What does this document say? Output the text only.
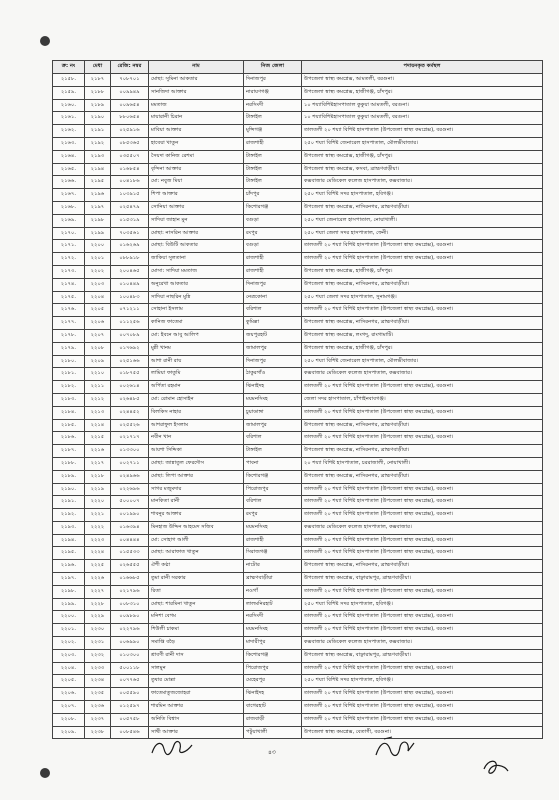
ক্র: নং	মেধা	রেজি: নম্বর	নাম	নিজ জেলা	পদায়নকৃত কর্মস্থল
২১৫৮.	২১৮৭	৭০৮৭০১	মোছা: সুমিনা আকতার	দিনাজপুর	উপজেলা স্বাস্থ্য কমপ্লেক্স, আমতলী, বরগুনা।
২১৫৯.	২১৮৮	০০৯৯৪৯	সানজিদা আক্তার	নারায়ণগঞ্জ	উপজেলা স্বাস্থ্য কমপ্লেক্স, হাজীগঞ্জ, চাঁদপুর।
২১৬০.	২১৮৯	০০৯৬৫৪	মমতাজ	নরসিংদী	১০ শয্যাবিশিষ্টহাসপাতাল কুকুয়া আমতলী, বরগুনা।
২১৬১.	২১৯০	৮৮০৬৫৪	মায়ারানী চিরান	টাঙ্গাইল	১০ শয্যাবিশিষ্টহাসপাতাল কুকুয়া আমতলী, বরগুনা।
২১৬২.	২১৯১	০২৫৯১৬	মাবিয়া আক্তার	মুন্সিগঞ্জ	তালতলী ২০ শয্যা বিশিষ্ট হাসপাতাল (উপজেলা স্বাস্থ্য কমপ্লেক্স), বরগুনা।
২১৬৩.	২১৯২	০৮৫৩৬৫	হাবেয়া খাতুন	রাজশাহী	২৫০ শয্যা বিশিষ্ট জেনারেল হাসপাতাল, মৌলভীবাজার।
২১৬৪.	২১৯৩	০৩৫৫০৭	সৈয়দা কানিজ রেশমা	টাঙ্গাইল	উপজেলা স্বাস্থ্য কমপ্লেক্স, হাজীগঞ্জ, চাঁদপুর।
২১৬৫.	২১৯৪	০১৬৮৫৪	বৃন্দিনা আক্তার	টাঙ্গাইল	উপজেলা স্বাস্থ্য কমপ্লেক্স, কসবা, ব্রাহ্মণবাড়ীয়া।
২১৬৬.	২১৯৫	০০৪১৮৬	মো: নবুজ মিয়া	টাঙ্গাইল	কক্সবাজার মেডিকেল কলেজ হাসপাতাল, কক্সবাজার।
২১৬৭.	২১৯৬	১০৩৯১৫	শিপা আক্তার	চাঁদপুর	২৫০ শয্যা বিশিষ্ট সদর হাসপাতাল, হবিগঞ্জ।
২১৬৮.	২১৯৭	০২৫৪৭৯	সোনিয়া আক্তার	কিশোরগঞ্জ	উপজেলা স্বাস্থ্য কমপ্লেক্স, নাসিরনগর, ব্রাহ্মণবাড়ীয়া।
২১৬৯.	২১৯৮	০১৫৩১৯	সাদিয়া জাহান মুন	বগুড়া	২৫০ শয্যা জেনারেল হাসপাতাল, নোয়াখালী।
২১৭০.	২১৯৯	৭০৩৫৬১	মোছা: নাসরিন আক্তার	রংপুর	২৫০ শয্যা জেলা সদর হাসপাতাল, ফেনী।
২১৭১.	২২০০	০১৬২৬৯	মোছা: বিউটি আকতার	বগুড়া	তালতলী ২০ শয্যা বিশিষ্ট হাসপাতাল (উপজেলা স্বাস্থ্য কমপ্লেক্স), বরগুনা।
২১৭২.	২২০১	০৮৮৯১৮	জাকিয়া সুলতানা	রাজশাহী	তালতলী ২০ শয্যা বিশিষ্ট হাসপাতাল (উপজেলা স্বাস্থ্য কমপ্লেক্স), বরগুনা।
২১৭৩.	২২০২	২০০৪৬৫	মোসা: সাদিয়া মমতাজ	রাজশাহী	উপজেলা স্বাস্থ্য কমপ্লেক্স, হাজীগঞ্জ, চাঁদপুর।
২১৭৪.	২২০৩	০১০৪৪৯	অনুরেখা আকতার	দিনাজপুর	উপজেলা স্বাস্থ্য কমপ্লেক্স, নাসিরনগর, ব্রাহ্মণবাড়ীয়া।
২১৭৫.	২২০৪	১০০৪৮৩	সাদিয়া নাছরিন মুন্নি	নেত্রকোনা	২৫০ শয্যা জেলা সদর হাসপাতাল, সুনামগঞ্জ।
২১৭৬.	২২০৫	০৭১২১১	সোহানা ইসলাম	বরিশাল	তালতলী ২০ শয্যা বিশিষ্ট হাসপাতাল (উপজেলা স্বাস্থ্য কমপ্লেক্স), বরগুনা।
২১৭৭.	২২০৬	০১১২৫৬	কানিজ ফাতেমা	কুমিল্লা	উপজেলা স্বাস্থ্য কমপ্লেক্স, নাসিরনগর, ব্রাহ্মণবাড়ীয়া।
২১৭৮.	২২০৭	০০৭০৮৯	মো: ইবনে আবু আলিপ	জয়পুরহাট	উপজেলা স্বাস্থ্য কমপ্লেক্স, লংগদু, রাংগামাটি।
২১৭৯.	২২০৮	০১৭৬৯২	মুন্নী খানম	জামালপুর	উপজেলা স্বাস্থ্য কমপ্লেক্স, হাজীগঞ্জ, চাঁদপুর।
২১৮০.	২২০৯	০২৫১৬৬	আশা রানী রায়	দিনাজপুর	২৫০ শয্যা বিশিষ্ট জেনারেল হাসপাতাল, মৌলভীবাজার।
২১৮১.	২২১০	০১৮৭৫৫	লামিয়া ফাতুমি	ঠাকুরগাঁও	কক্সবাজার মেডিকেল কলেজ হাসপাতাল, কক্সবাজার।
২১৮২.	২২১১	০০২৬১৪	অর্পিতা রহমান	ঝিনাইদহ	তালতলী ২০ শয্যা বিশিষ্ট হাসপাতাল (উপজেলা স্বাস্থ্য কমপ্লেক্স), বরগুনা।
২১৮৩.	২২১২	০২৬৪৮৫	মো: রোমান হোসাইন	ময়মনসিংহ	জেলা সদর হাসপাতাল, চাঁপাইনবাবগঞ্জ।
২১৮৪.	২২১৩	০২৪৪৫২	বিলকিস নাহার	চুয়াডাঙ্গা	তালতলী ২০ শয্যা বিশিষ্ট হাসপাতাল (উপজেলা স্বাস্থ্য কমপ্লেক্স), বরগুনা।
২১৮৫.	২২১৪	০২৫৫২৬	আশরাফুল ইসলাম	জামালপুর	উপজেলা স্বাস্থ্য কমপ্লেক্স, নাসিরনগর, ব্রাহ্মণবাড়ীয়া।
২১৮৬.	২২১৫	০২১৭১৭	নবীন খান	বরিশাল	তালতলী ২০ শয্যা বিশিষ্ট হাসপাতাল (উপজেলা স্বাস্থ্য কমপ্লেক্স), বরগুনা।
২১৮৭.	২২১৬	০১৩৩০০	আয়শা সিদ্দিকা	টাঙ্গাইল	উপজেলা স্বাস্থ্য কমপ্লেক্স, নাসিরনগর, ব্রাহ্মণবাড়ীয়া।
২১৮৮.	২২১৭	০০২৭১১	মোছা: জান্নাতুল ফেরদৌস	পাবনা	২০ শয্যা বিশিষ্ট হাসপাতাল, চররাজালী, নোয়াখালী।
২১৮৯.	২২১৮	০২৪৯৬৬	মোছা: লিপা আক্তার	কিশোরগঞ্জ	উপজেলা স্বাস্থ্য কমপ্লেক্স, নাসিরনগর, ব্রাহ্মণবাড়ীয়া।
২১৯০.	২২১৯	০২২৬৯৬	সাগর মজুমদার	পিরোজপুর	তালতলী ২০ শয্যা বিশিষ্ট হাসপাতাল (উপজেলা স্বাস্থ্য কমপ্লেক্স), বরগুনা।
২১৯১.	২২২০	৫০০০০৭	মানকিতা রানী	বরিশাল	তালতলী ২০ শয্যা বিশিষ্ট হাসপাতাল (উপজেলা স্বাস্থ্য কমপ্লেক্স), বরগুনা।
২১৯২.	২২২১	০০১৯৯০	শাবনুর আক্তার	রংপুর	তালতলী ২০ শয্যা বিশিষ্ট হাসপাতাল (উপজেলা স্বাস্থ্য কমপ্লেক্স), বরগুনা।
২১৯৩.	২২২২	০১৬৩৯৪	মিনহাজ উদ্দিন আহমেদ সজিব	ময়মনসিংহ	কক্সবাজার মেডিকেল কলেজ হাসপাতাল, কক্সবাজার।
২১৯৪.	২২২৩	০০৪৪৪৪	মো: সোহাগ আলী	রাজশাহী	তালতলী ২০ শয্যা বিশিষ্ট হাসপাতাল (উপজেলা স্বাস্থ্য কমপ্লেক্স), বরগুনা।
২১৯৫.	২২২৪	০১৫৫৩৩	মোছা: আরাফাত খাতুন	সিরাজগঞ্জ	তালতলী ২০ শয্যা বিশিষ্ট হাসপাতাল (উপজেলা স্বাস্থ্য কমপ্লেক্স), বরগুনা।
২১৯৬.	২২২৫	০২৬৫৫৫	ঐশী কণ্ঠা	নাটোর	উপজেলা স্বাস্থ্য কমপ্লেক্স, নাসিরনগর, ব্রাহ্মণবাড়ীয়া।
২১৯৭.	২২২৬	০১৬৬৮৫	তুমা রানী সরকার	ব্রাহ্মণবাড়ীয়া	উপজেলা স্বাস্থ্য কমপ্লেক্স, বাঞ্ছারামপুর, ব্রাহ্মণবাড়ীয়া।
২১৯৮.	২২২৭	০২১৭৯৬	রিতা	নওগাঁ	তালতলী ২০ শয্যা বিশিষ্ট হাসপাতাল (উপজেলা স্বাস্থ্য কমপ্লেক্স), বরগুনা।
২১৯৯.	২২২৮	০০৮৩১০	মোছা: শারমিনা খাতুন	লালমনিরহাট	২৫০ শয্যা বিশিষ্ট সদর হাসপাতাল, হবিগঞ্জ।
২২০০.	২২২৯	০০৯৮৯০	মনিশা বেগম	নরসিংদী	তালতলী ২০ শয্যা বিশিষ্ট হাসপাতাল (উপজেলা স্বাস্থ্য কমপ্লেক্স), বরগুনা।
২২০১.	২২৩০	০২২৭৯৬	শিউলী চাকমা	ময়মনসিংহ	তালতলী ২০ শয্যা বিশিষ্ট হাসপাতাল (উপজেলা স্বাস্থ্য কমপ্লেক্স), বরগুনা।
২২০২.	২২৩১	০০৬৯৯০	সমাপ্তি বড়ৈ	মাদারীপুর	কক্সবাজার মেডিকেল কলেজ হাসপাতাল, কক্সবাজার।
২২০৩.	২২৩২	০১০৩০০	শ্রাবণী রানী দাস	কিশোরগঞ্জ	উপজেলা স্বাস্থ্য কমপ্লেক্স, বাঞ্ছারামপুর, ব্রাহ্মণবাড়ীয়া।
২২০৪.	২২৩৩	৫০০১১৮	সালমুন	পিরোজপুর	তালতলী ২০ শয্যা বিশিষ্ট হাসপাতাল (উপজেলা স্বাস্থ্য কমপ্লেক্স), বরগুনা।
২২০৫.	২২৩৪	০০৭৭৬৫	তুষার মোল্লা	মেহেরপুর	২৫০ শয্যা বিশিষ্ট সদর হাসপাতাল, হবিগঞ্জ।
২২০৬.	২২৩৫	০০৫৫৯০	ফাতেমাতুজজোহরা	ঝিনাইদহ	তালতলী ২০ শয্যা বিশিষ্ট হাসপাতাল (উপজেলা স্বাস্থ্য কমপ্লেক্স), বরগুনা।
২২০৭.	২২৩৬	০১২৫৯৭	শারমিন আক্তার	বাগেরহাট	তালতলী ২০ শয্যা বিশিষ্ট হাসপাতাল (উপজেলা স্বাস্থ্য কমপ্লেক্স), বরগুনা।
২২০৮.	২২৩৭	০০৫৭৫৮	অনিতি বিশ্বাস	রাজবাড়ী	তালতলী ২০ শয্যা বিশিষ্ট হাসপাতাল (উপজেলা স্বাস্থ্য কমপ্লেক্স), বরগুনা।
২২০৯.	২২৩৮	০০৮৫৪৬	সাথী আক্তার	পটুয়াখালী	উপজেলা স্বাস্থ্য কমপ্লেক্স, বেতাগী, বরগুনা।
৪৩
